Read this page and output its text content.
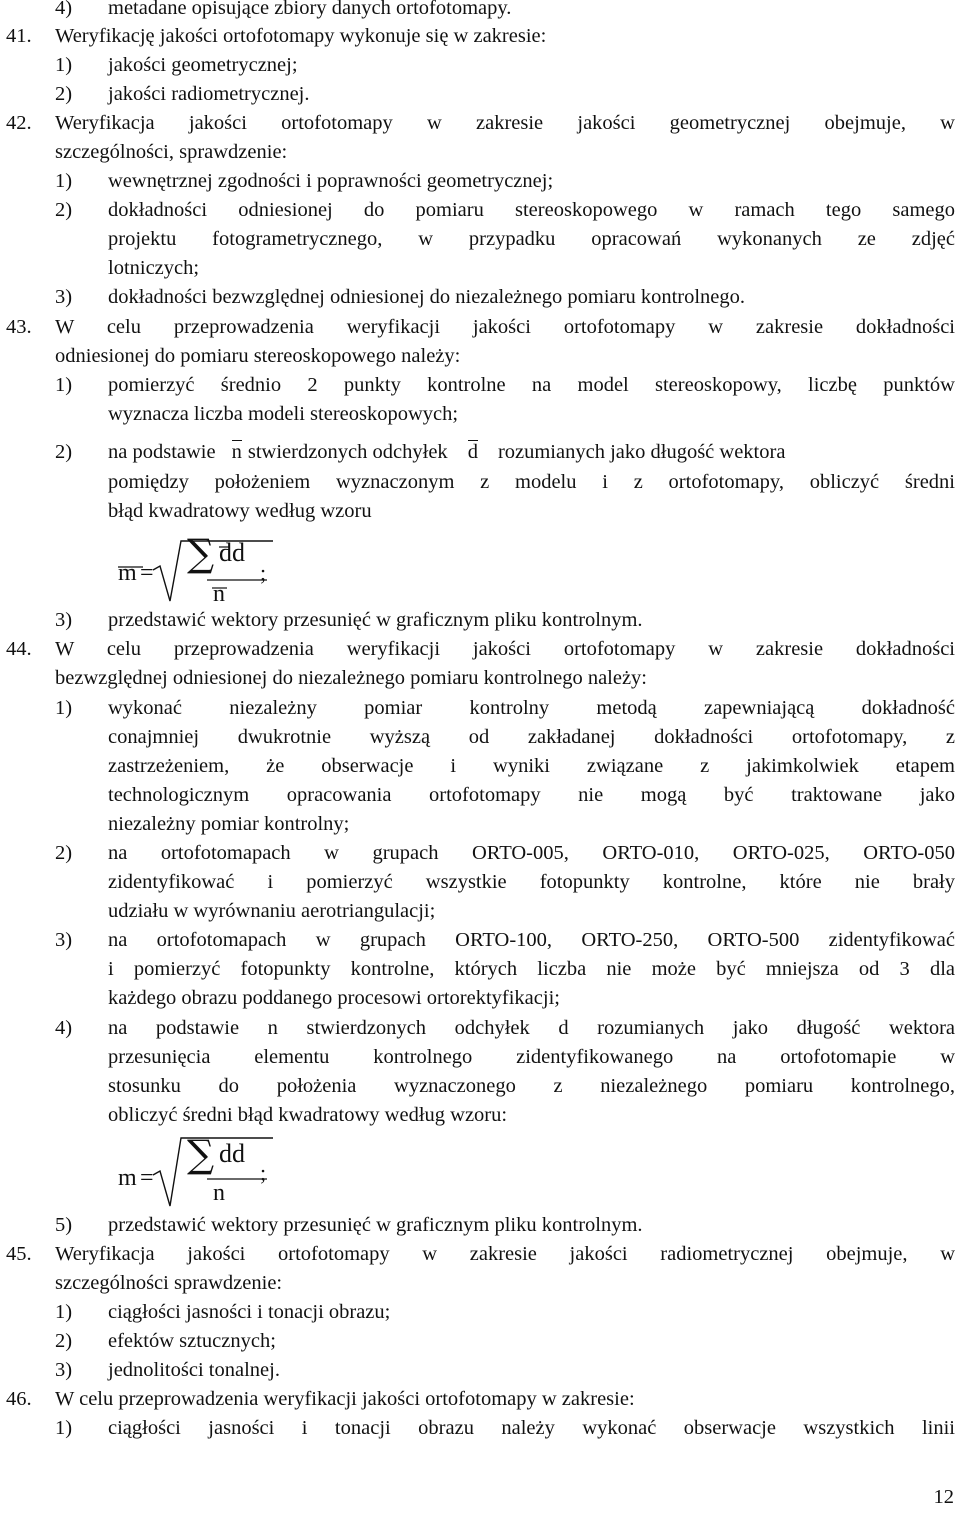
4)	metadane opisujące zbiory danych ortofotomapy.
41.	Weryfikację jakości ortofotomapy wykonuje się w zakresie:
1)	jakości geometrycznej;
2)	jakości radiometrycznej.
42.	Weryfikacja jakości ortofotomapy w zakresie jakości geometrycznej obejmuje, w
szczególności, sprawdzenie:
1)	wewnętrznej zgodności i poprawności geometrycznej;
2)	dokładności odniesionej do pomiaru stereoskopowego w ramach tego samego
projektu fotogrametrycznego, w przypadku opracowań wykonanych ze zdjęć
lotniczych;
3)	dokładności bezwzględnej odniesionej do niezależnego pomiaru kontrolnego.
43.	W celu przeprowadzenia weryfikacji jakości ortofotomapy w zakresie dokładności
odniesionej do pomiaru stereoskopowego należy:
1)	pomierzyć średnio 2 punkty kontrolne na model stereoskopowy, liczbę punktów
wyznacza liczba modeli stereoskopowych;
2)	na podstawie n stwierdzonych odchyłek d rozumianych jako długość wektora
pomiędzy położeniem wyznaczonym z modelu i z ortofotomapy, obliczyć średni
błąd kwadratowy według wzoru
m = ∑ dd
n
;
3)	przedstawić wektory przesunięć w graficznym pliku kontrolnym.
44.	W celu przeprowadzenia weryfikacji jakości ortofotomapy w zakresie dokładności
bezwzględnej odniesionej do niezależnego pomiaru kontrolnego należy:
1)	wykonać niezależny pomiar kontrolny metodą zapewniającą dokładność
conajmniej dwukrotnie wyższą od zakładanej dokładności ortofotomapy, z
zastrzeżeniem, że obserwacje i wyniki związane z jakimkolwiek etapem
technologicznym opracowania ortofotomapy nie mogą być traktowane jako
niezależny pomiar kontrolny;
2)	na ortofotomapach w grupach ORTO-005, ORTO-010, ORTO-025, ORTO-050
zidentyfikować i pomierzyć wszystkie fotopunkty kontrolne, które nie brały
udziału w wyrównaniu aerotriangulacji;
3)	na ortofotomapach w grupach ORTO-100, ORTO-250, ORTO-500 zidentyfikować
i pomierzyć fotopunkty kontrolne, których liczba nie może być mniejsza od 3 dla
każdego obrazu poddanego procesowi ortorektyfikacji;
4)	na podstawie n stwierdzonych odchyłek d rozumianych jako długość wektora
przesunięcia elementu kontrolnego zidentyfikowanego na ortofotomapie w
stosunku do położenia wyznaczonego z niezależnego pomiaru kontrolnego,
obliczyć średni błąd kwadratowy według wzoru:
m =
∑ dd
n
;
5)	przedstawić wektory przesunięć w graficznym pliku kontrolnym.
45.	Weryfikacja jakości ortofotomapy w zakresie jakości radiometrycznej obejmuje, w
szczególności sprawdzenie:
1)	ciągłości jasności i tonacji obrazu;
2)	efektów sztucznych;
3)	jednolitości tonalnej.
46.	W celu przeprowadzenia weryfikacji jakości ortofotomapy w zakresie:
1)	ciągłości jasności i tonacji obrazu należy wykonać obserwacje wszystkich linii
12
